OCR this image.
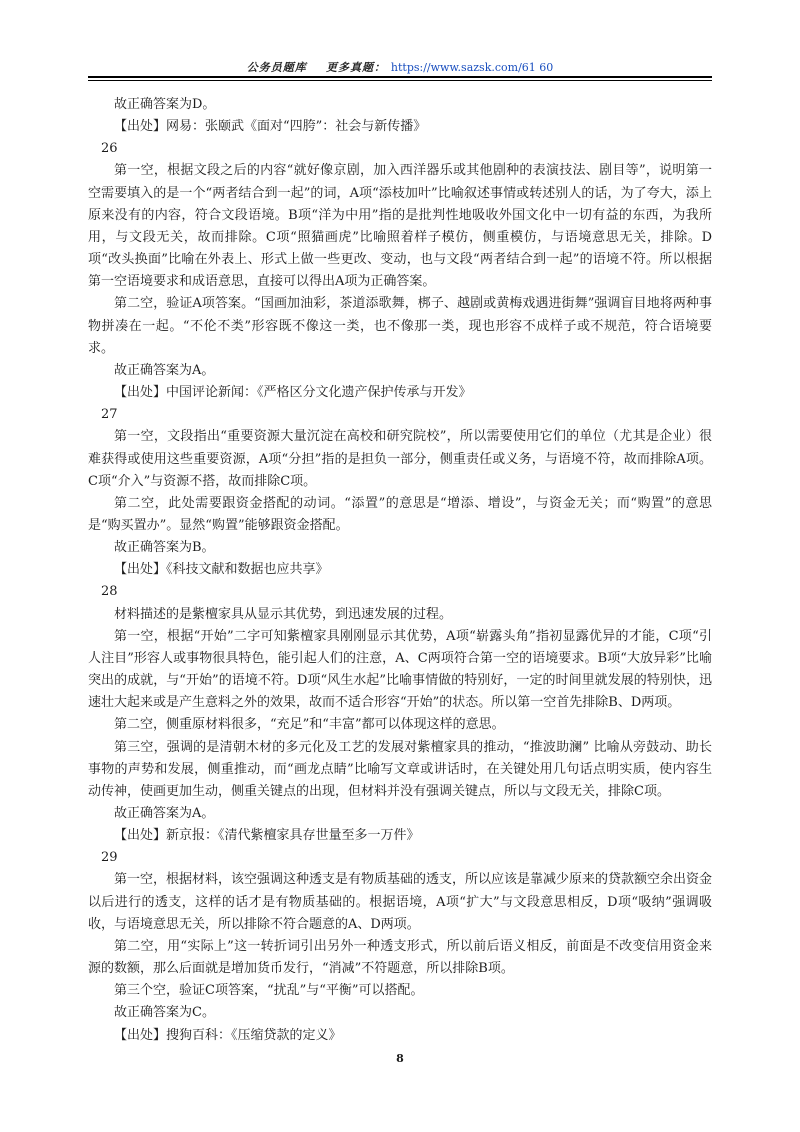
公务员题库 更多真题： https://www.sazsk.com/61 60

故正确答案为D。

【出处】网易：张颐武《面对“四胯”：社会与新传播》

26

第一空，根据文段之后的内容“就好像京剧，加入西洋器乐或其他剧种的表演技法、剧目等”，说明第一空需要填入的是一个“两者结合到一起”的词，A项“添枝加叶”比喻叙述事情或转述别人的话，为了夸大，添上原来没有的内容，符合文段语境。B项“洋为中用”指的是批判性地吸收外国文化中一切有益的东西，为我所用，与文段无关，故而排除。C项“照猫画虎”比喻照着样子模仿，侧重模仿，与语境意思无关，排除。D项“改头换面”比喻在外表上、形式上做一些更改、变动，也与文段“两者结合到一起”的语境不符。所以根据第一空语境要求和成语意思，直接可以得出A项为正确答案。

第二空，验证A项答案。“国画加油彩，茶道添歌舞，梆子、越剧或黄梅戏遇进街舞”强调盲目地将两种事物拼凑在一起。“不伦不类”形容既不像这一类，也不像那一类，现也形容不成样子或不规范，符合语境要求。

故正确答案为A。

【出处】中国评论新闻：《严格区分文化遗产保护传承与开发》

27

第一空，文段指出“重要资源大量沉淀在高校和研究院校”，所以需要使用它们的单位（尤其是企业）很难获得或使用这些重要资源，A项“分担”指的是担负一部分，侧重责任或义务，与语境不符，故而排除A项。C项“介入”与资源不搭，故而排除C项。

第二空，此处需要跟资金搭配的动词。“添置”的意思是“增添、增设”，与资金无关；而“购置”的意思是“购买置办”。显然“购置”能够跟资金搭配。

故正确答案为B。

【出处】《科技文献和数据也应共享》

28

材料描述的是紫檀家具从显示其优势，到迅速发展的过程。

第一空，根据“开始”二字可知紫檀家具刚刚显示其优势，A项“崭露头角”指初显露优异的才能，C项“引人注目”形容人或事物很具特色，能引起人们的注意，A、C两项符合第一空的语境要求。B项“大放异彩”比喻突出的成就，与“开始”的语境不符。D项“风生水起”比喻事情做的特别好，一定的时间里就发展的特别快，迅速壮大起来或是产生意料之外的效果，故而不适合形容“开始”的状态。所以第一空首先排除B、D两项。

第二空，侧重原材料很多，“充足”和“丰富”都可以体现这样的意思。

第三空，强调的是清朝木材的多元化及工艺的发展对紫檀家具的推动，“推波助澜” 比喻从旁鼓动、助长事物的声势和发展，侧重推动，而“画龙点睛”比喻写文章或讲话时，在关键处用几句话点明实质，使内容生动传神，使画更加生动，侧重关键点的出现，但材料并没有强调关键点，所以与文段无关，排除C项。

故正确答案为A。

【出处】新京报：《清代紫檀家具存世量至多一万件》

29

第一空，根据材料，该空强调这种透支是有物质基础的透支，所以应该是靠减少原来的贷款额空余出资金以后进行的透支，这样的话才是有物质基础的。根据语境，A项“扩大”与文段意思相反，D项“吸纳”强调吸收，与语境意思无关，所以排除不符合题意的A、D两项。

第二空，用“实际上”这一转折词引出另外一种透支形式，所以前后语义相反，前面是不改变信用资金来源的数额，那么后面就是增加货币发行，“消减”不符题意，所以排除B项。

第三个空，验证C项答案，“扰乱”与“平衡”可以搭配。

故正确答案为C。

【出处】搜狗百科：《压缩贷款的定义》

8
